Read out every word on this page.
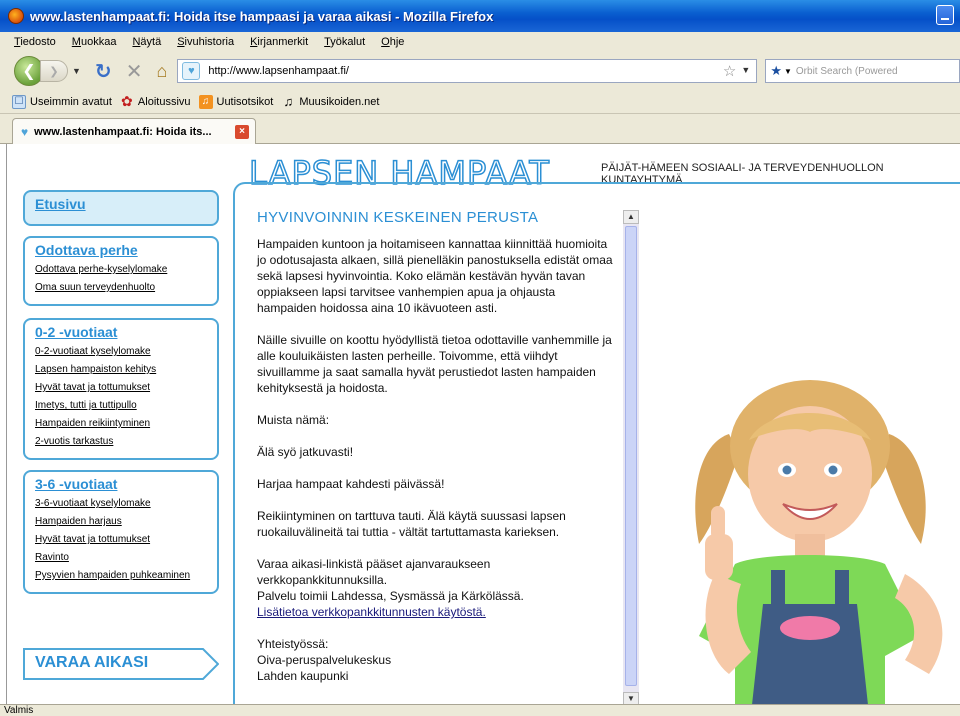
www.lastenhampaat.fi: Hoida itse hampaasi ja varaa aikasi - Mozilla Firefox
Tiedosto Muokkaa Näytä Sivuhistoria Kirjanmerkit Työkalut Ohje
❮ ❯ ▼ ↻ ✕ ⌂	♥	http://www.lapsenhampaat.fi/	☆ ▼ ★ ▼ Orbit Search (Powered
☐ Useimmin avatut ✿ Aloitussivu	♫ Uutisotsikot ♫ Muusikoiden.net
♥ www.lastenhampaat.fi: Hoida its...	×
LAPSEN HAMPAAT	PÄIJÄT-HÄMEEN SOSIAALI- JA TERVEYDENHUOLLON KUNTAYHTYMÄ
Etusivu
Odottava perhe
Odottava perhe-kyselylomake
Oma suun terveydenhuolto
0-2 -vuotiaat
0-2-vuotiaat kyselylomake
Lapsen hampaiston kehitys
Hyvät tavat ja tottumukset
Imetys, tutti ja tuttipullo
Hampaiden reikiintyminen
2-vuotis tarkastus
3-6 -vuotiaat
3-6-vuotiaat kyselylomake
Hampaiden harjaus
Hyvät tavat ja tottumukset
Ravinto
Pysyvien hampaiden puhkeaminen
VARAA AIKASI
HYVINVOINNIN KESKEINEN PERUSTA

Hampaiden kuntoon ja hoitamiseen kannattaa kiinnittää huomioita jo odotusajasta alkaen, sillä pienelläkin panostuksella edistät omaa sekä lapsesi hyvinvointia. Koko elämän kestävän hyvän tavan oppiakseen lapsi tarvitsee vanhempien apua ja ohjausta hampaiden hoidossa aina 10 ikävuoteen asti.

Näille sivuille on koottu hyödyllistä tietoa odottaville vanhemmille ja alle kouluikäisten lasten perheille. Toivomme, että viihdyt sivuillamme ja saat samalla hyvät perustiedot lasten hampaiden kehityksestä ja hoidosta.

Muista nämä:

Älä syö jatkuvasti!

Harjaa hampaat kahdesti päivässä!

Reikiintyminen on tarttuva tauti. Älä käytä suussasi lapsen ruokailuvälineitä tai tuttia - vältät tartuttamasta karieksen.

Varaa aikasi-linkistä pääset ajanvaraukseen verkkopankkitunnuksilla.
Palvelu toimii Lahdessa, Sysmässä ja Kärkölässä.
Lisätietoa verkkopankkitunnusten käytöstä.

Yhteistyössä:
Oiva-peruspalvelukeskus
Lahden kaupunki

▲
▼
Valmis
